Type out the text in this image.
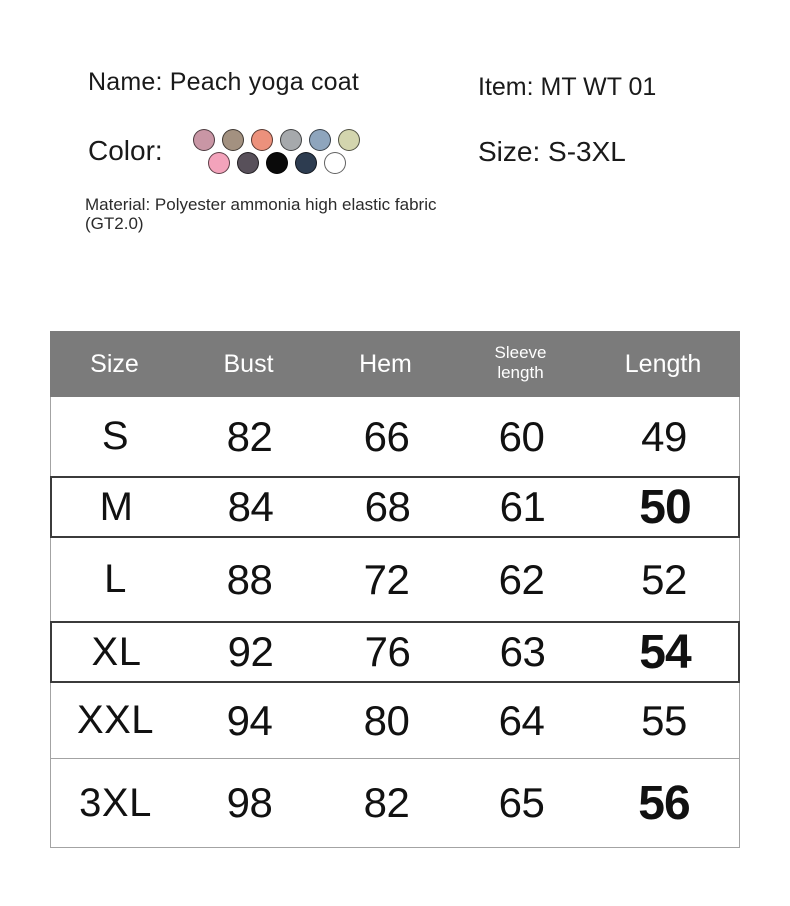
Name: Peach yoga coat	Item: MT WT 01
Color:	Size: S-3XL
Material: Polyester ammonia high elastic fabric
(GT2.0)
Size	Bust	Hem	Sleeve length	Length
S 82 66 60 49
M 84 68 61 50
L 88 72 62 52
XL 92 76 63 54
XXL 94 80 64 55
3XL 98 82 65 56
